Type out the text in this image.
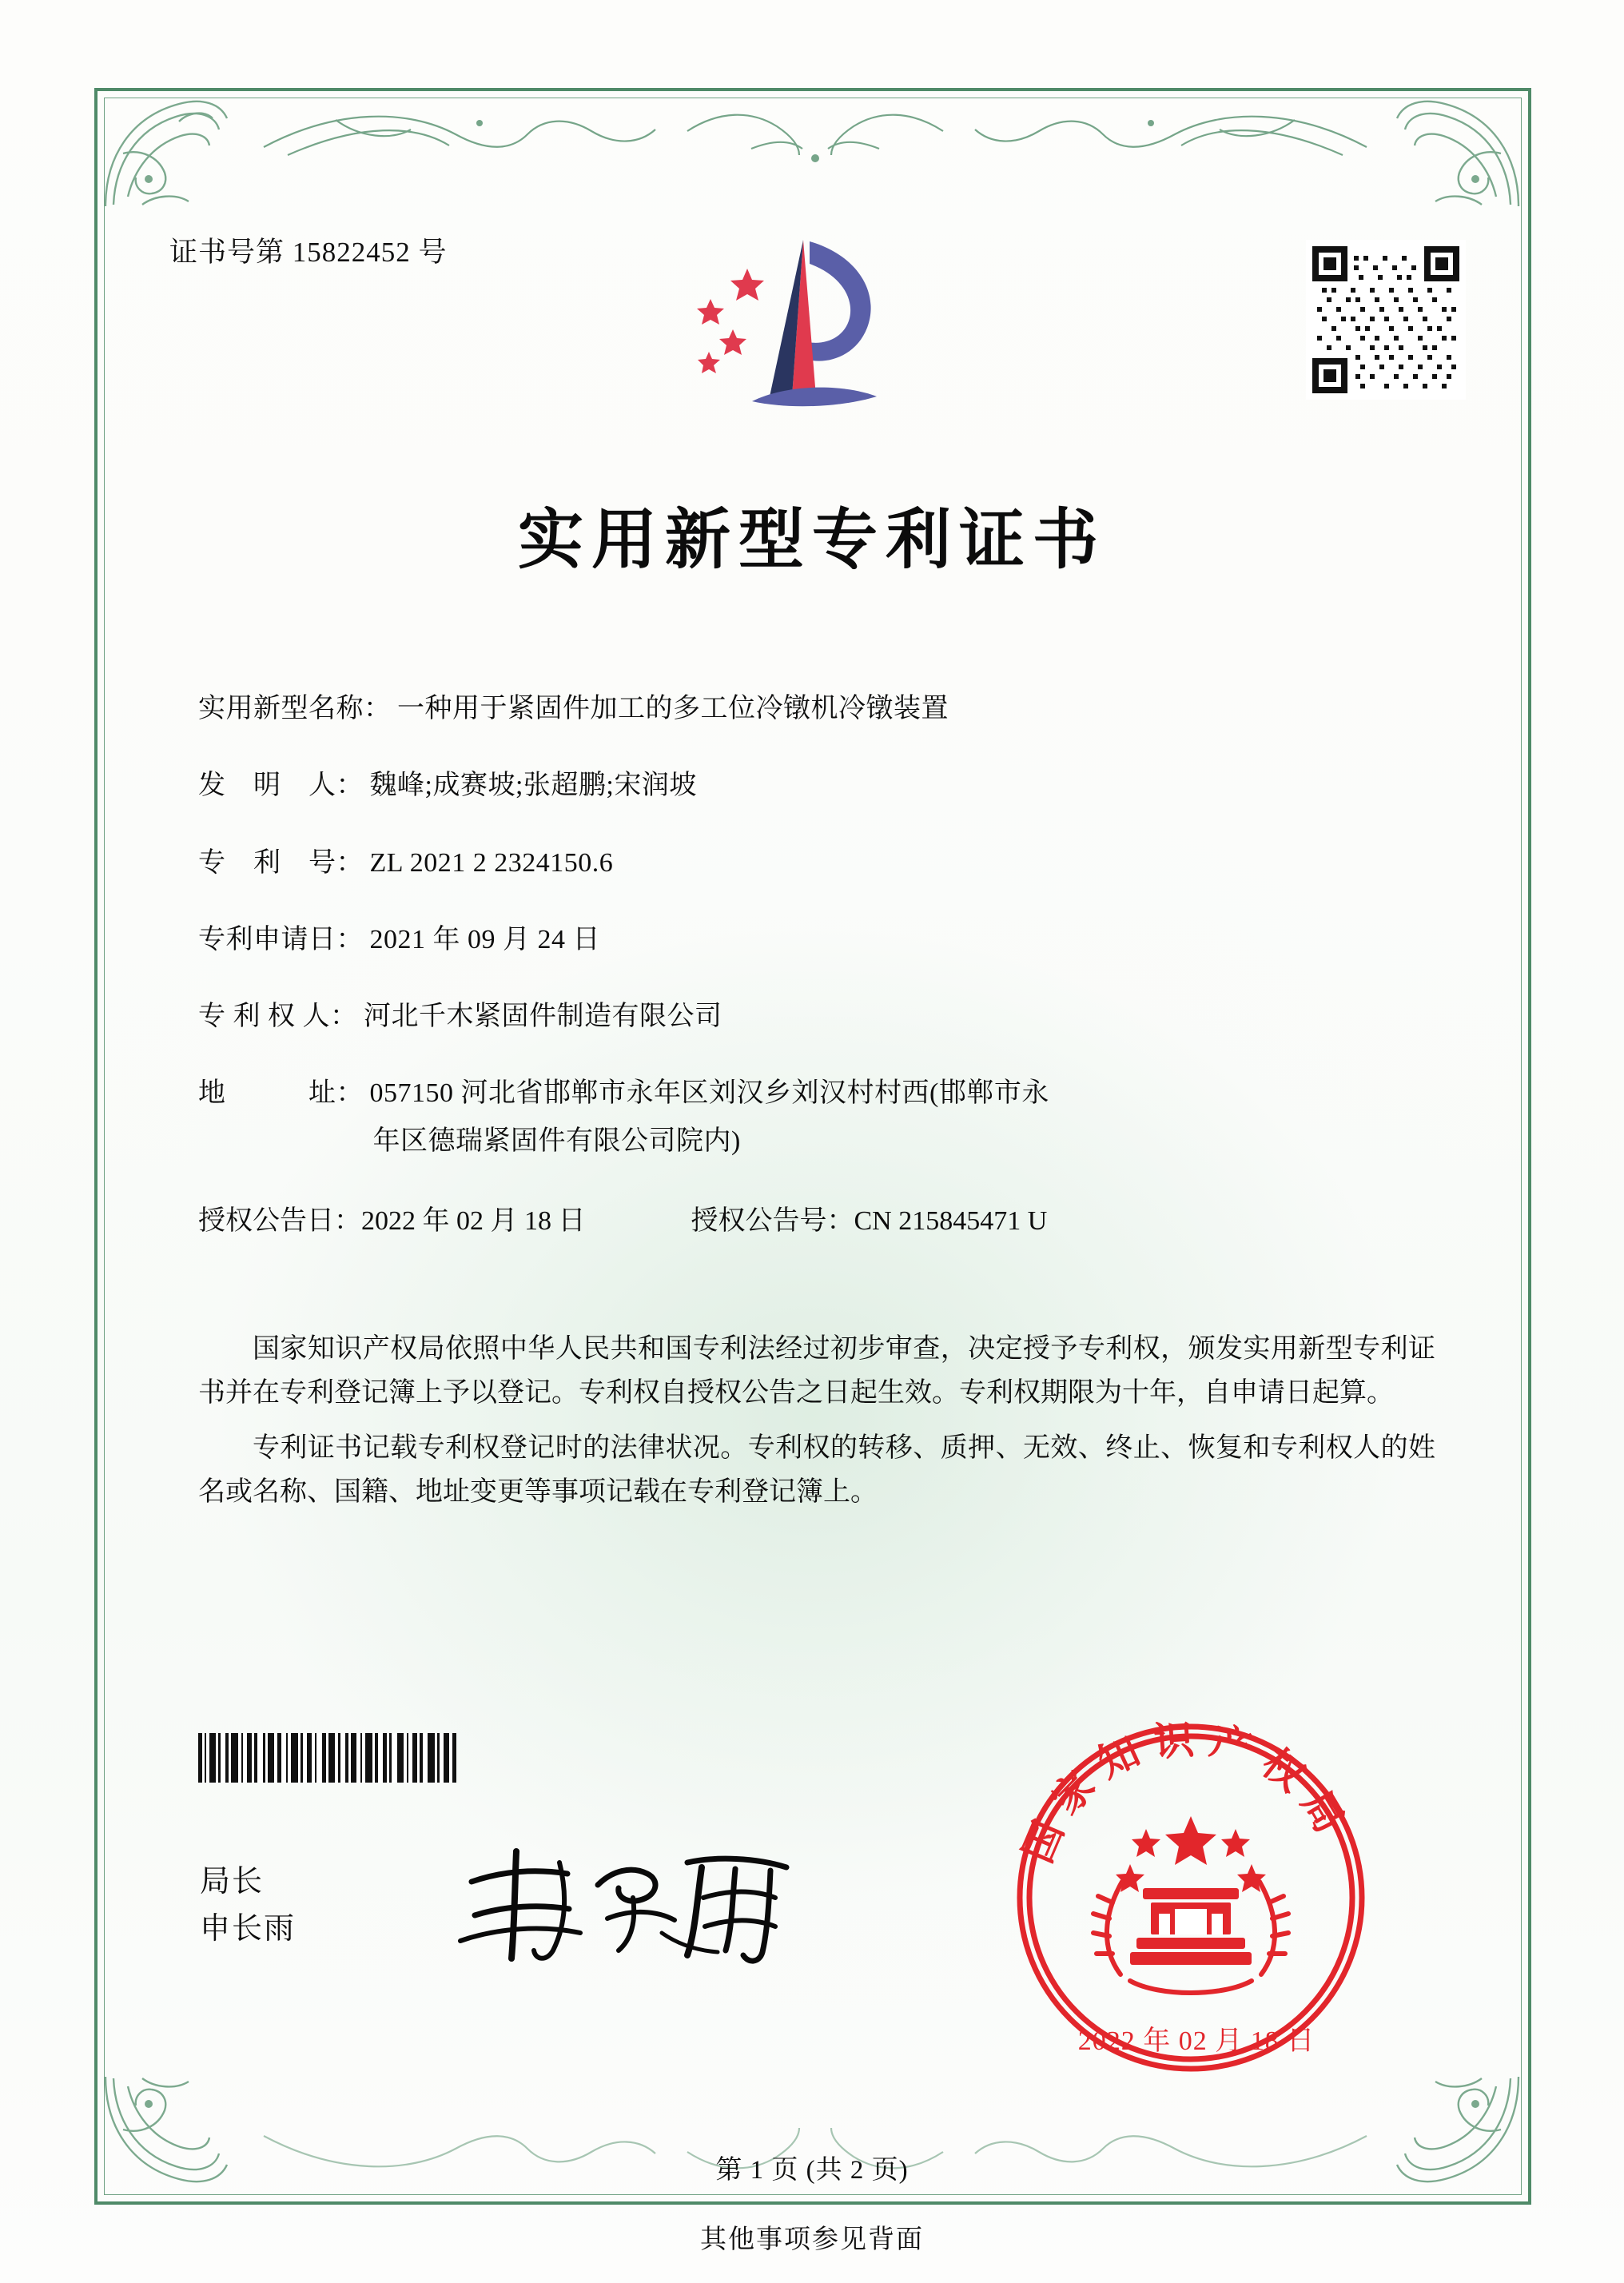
证书号第 15822452 号
实用新型专利证书
实用新型名称 ： 一种用于紧固件加工的多工位冷镦机冷镦装置
发　明　人 ： 魏峰;成赛坡;张超鹏;宋润坡
专　利　号 ： ZL 2021 2 2324150.6
专利申请日 ： 2021 年 09 月 24 日
专 利 权 人 ： 河北千木紧固件制造有限公司
地　　　址 ： 057150 河北省邯郸市永年区刘汉乡刘汉村村西(邯郸市永
年区德瑞紧固件有限公司院内)
授权公告日：2022 年 02 月 18 日	授权公告号：CN 215845471 U

国家知识产权局依照中华人民共和国专利法经过初步审查，决定授予专利权，颁发实用新型专利证书并在专利登记簿上予以登记。专利权自授权公告之日起生效。专利权期限为十年，自申请日起算。

专利证书记载专利权登记时的法律状况。专利权的转移、质押、无效、终止、恢复和专利权人的姓名或名称、国籍、地址变更等事项记载在专利登记簿上。

局长
申长雨
国家知识产权局
2022 年 02 月 18 日
第 1 页 (共 2 页)
其他事项参见背面
